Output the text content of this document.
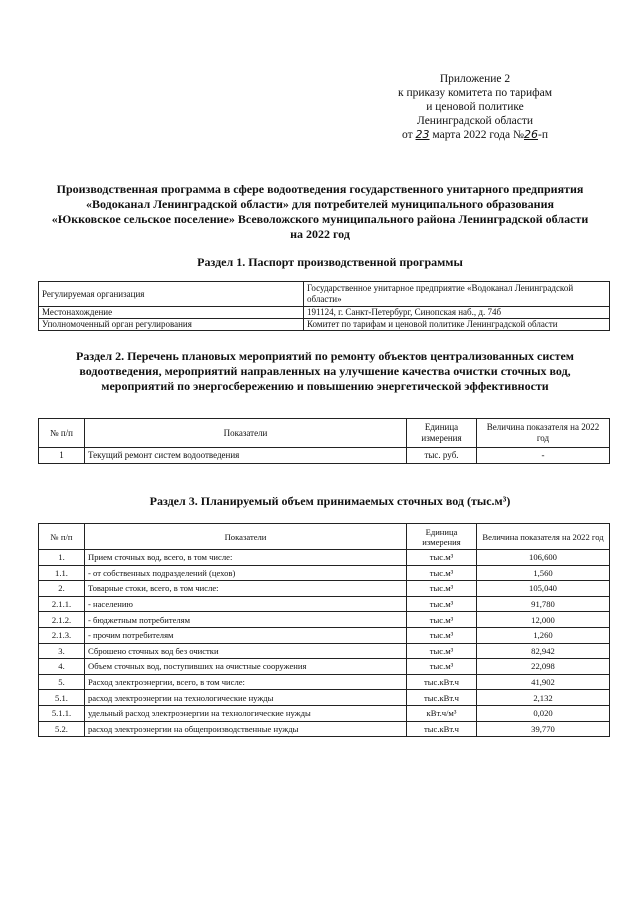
Приложение 2
к приказу комитета по тарифам
и ценовой политике
Ленинградской области
от 23 марта 2022 года №26-п
Производственная программа в сфере водоотведения государственного унитарного предприятия
«Водоканал Ленинградской области» для потребителей муниципального образования
«Юкковское сельское поселение» Всеволожского муниципального района Ленинградской области
на 2022 год
Раздел 1. Паспорт производственной программы
Регулируемая организация	Государственное унитарное предприятие «Водоканал Ленинградской области»
Местонахождение	191124, г. Санкт-Петербург, Синопская наб., д. 74б
Уполномоченный орган регулирования	Комитет по тарифам и ценовой политике Ленинградской области
Раздел 2. Перечень плановых мероприятий по ремонту объектов централизованных систем
водоотведения, мероприятий направленных на улучшение качества очистки сточных вод,
мероприятий по энергосбережению и повышению энергетической эффективности
№ п/п	Показатели	Единица измерения	Величина показателя на 2022 год
1	Текущий ремонт систем водоотведения	тыс. руб.	-
Раздел 3. Планируемый объем принимаемых сточных вод (тыс.м³)
№ п/п	Показатели	Единица измерения	Величина показателя на 2022 год
1.	Прием сточных вод, всего, в том числе:	тыс.м³	106,600
1.1.	- от собственных подразделений (цехов)	тыс.м³	1,560
2.	Товарные стоки, всего, в том числе:	тыс.м³	105,040
2.1.1.	- населению	тыс.м³	91,780
2.1.2.	- бюджетным потребителям	тыс.м³	12,000
2.1.3.	- прочим потребителям	тыс.м³	1,260
3.	Сброшено сточных вод без очистки	тыс.м³	82,942
4.	Объем сточных вод, поступивших на очистные сооружения	тыс.м³	22,098
5.	Расход электроэнергии, всего, в том числе:	тыс.кВт.ч	41,902
5.1.	расход электроэнергии на технологические нужды	тыс.кВт.ч	2,132
5.1.1.	удельный расход электроэнергии на технологические нужды	кВт.ч/м³	0,020
5.2.	расход электроэнергии на общепроизводственные нужды	тыс.кВт.ч	39,770
